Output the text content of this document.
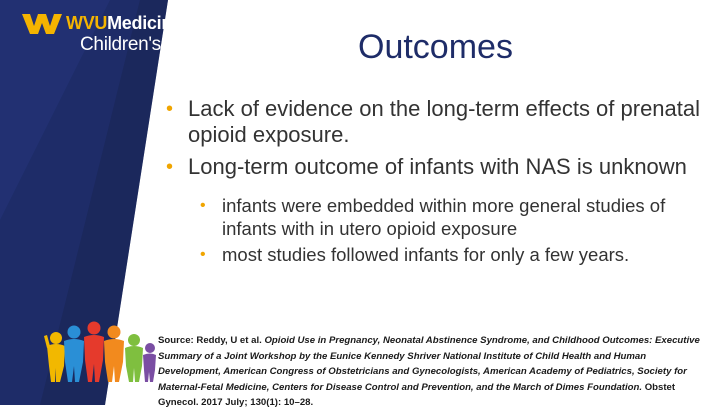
WVUMedicine
Children's	Outcomes
• Lack of evidence on the long-term effects of prenatal opioid exposure.
• Long-term outcome of infants with NAS is unknown
• infants were embedded within more general studies of infants with in utero opioid exposure
• most studies followed infants for only a few years.
Source: Reddy, U et al. Opioid Use in Pregnancy, Neonatal Abstinence Syndrome, and Childhood Outcomes: Executive Summary of a Joint Workshop by the Eunice Kennedy Shriver National Institute of Child Health and Human Development, American Congress of Obstetricians and Gynecologists, American Academy of Pediatrics, Society for Maternal-Fetal Medicine, Centers for Disease Control and Prevention, and the March of Dimes Foundation. Obstet Gynecol. 2017 July; 130(1): 10–28.
